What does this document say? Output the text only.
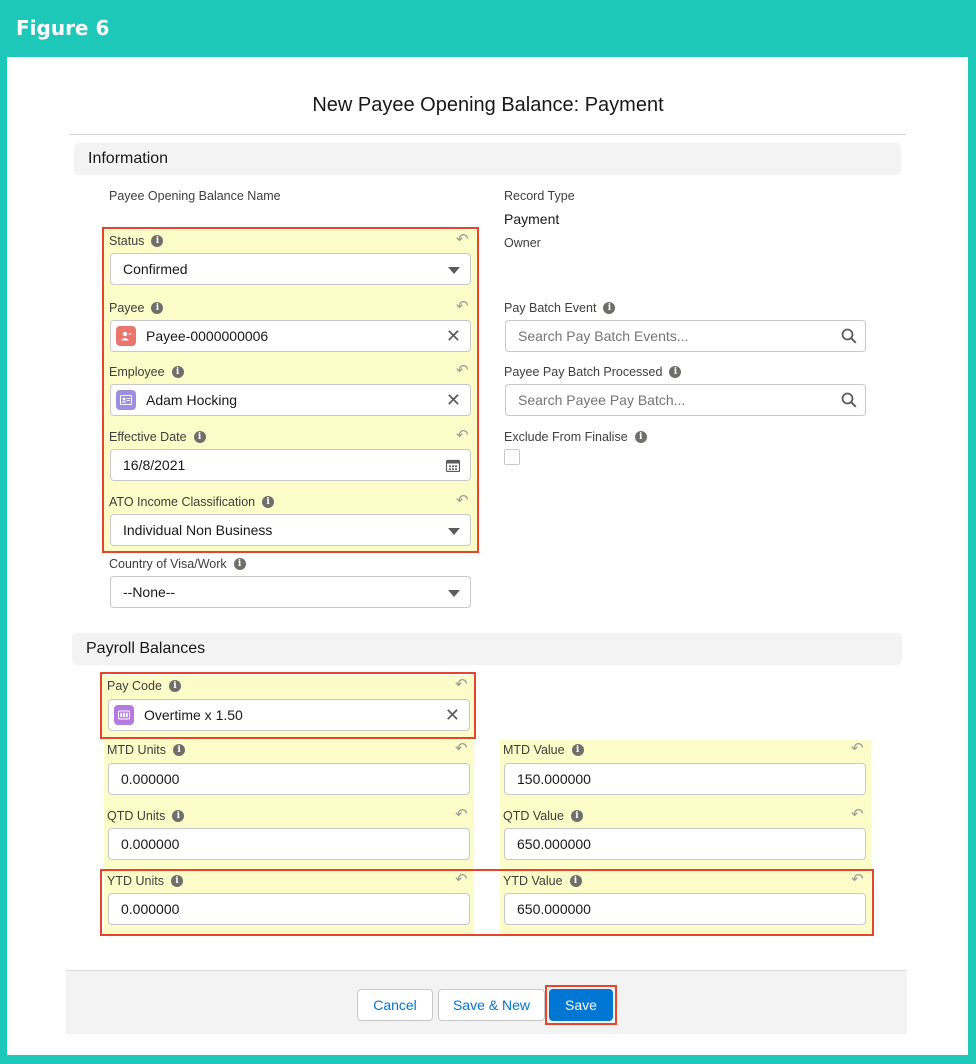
Figure 6
New Payee Opening Balance: Payment
Information
Payee Opening Balance Name	Record Type
Payment
Owner
Status	i	↶
Confirmed
Payee	i	↶
Payee-0000000006	✕
Employee	i	↶
Adam Hocking	✕
Effective Date	i	↶
16/8/2021
ATO Income Classification	i	↶
Individual Non Business
Country of Visa/Work	i
--None--
Pay Batch Event	i
Search Pay Batch Events...
Payee Pay Batch Processed	i
Search Payee Pay Batch...
Exclude From Finalise	i
Payroll Balances
Pay Code	i	↶
Overtime x 1.50	✕
MTD Units	i	↶
0.000000
MTD Value	i	↶
150.000000
QTD Units	i	↶
0.000000
QTD Value	i	↶
650.000000
YTD Units	i	↶
0.000000
YTD Value	i	↶
650.000000
Cancel	Save & New	Save
